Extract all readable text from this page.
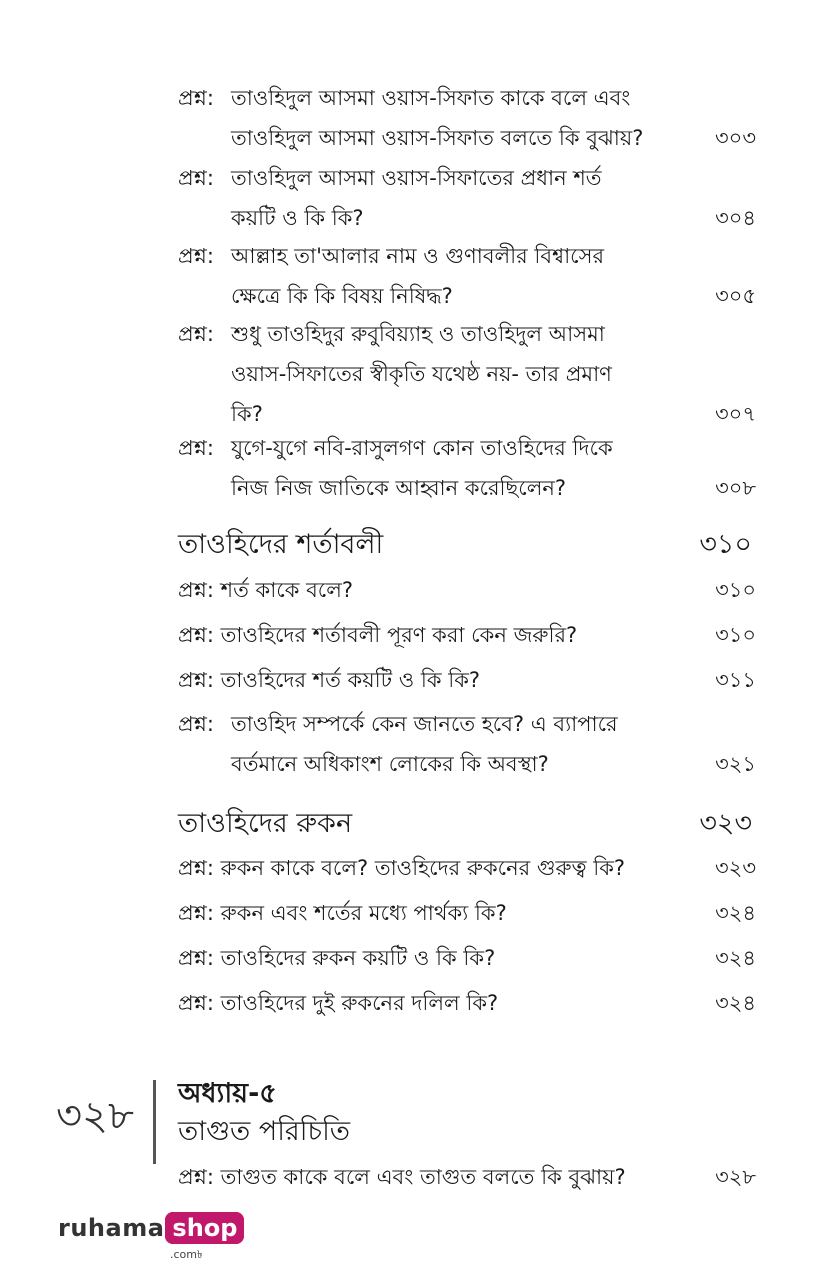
প্রশ্ন: তাওহিদুল আসমা ওয়াস-সিফাত কাকে বলে এবং
তাওহিদুল আসমা ওয়াস-সিফাত বলতে কি বুঝায়?	৩০৩
প্রশ্ন: তাওহিদুল আসমা ওয়াস-সিফাতের প্রধান শর্ত
কয়টি ও কি কি?	৩০৪
প্রশ্ন: আল্লাহ তা'আলার নাম ও গুণাবলীর বিশ্বাসের
ক্ষেত্রে কি কি বিষয় নিষিদ্ধ?	৩০৫
প্রশ্ন: শুধু তাওহিদুর রুবুবিয়্যাহ ও তাওহিদুল আসমা
ওয়াস-সিফাতের স্বীকৃতি যথেষ্ঠ নয়- তার প্রমাণ
কি?	৩০৭
প্রশ্ন: যুগে-যুগে নবি-রাসুলগণ কোন তাওহিদের দিকে
নিজ নিজ জাতিকে আহ্বান করেছিলেন?	৩০৮
তাওহিদের শর্তাবলী	৩১০
প্রশ্ন: শর্ত কাকে বলে?	৩১০
প্রশ্ন: তাওহিদের শর্তাবলী পূরণ করা কেন জরুরি?	৩১০
প্রশ্ন: তাওহিদের শর্ত কয়টি ও কি কি?	৩১১
প্রশ্ন: তাওহিদ সম্পর্কে কেন জানতে হবে? এ ব্যাপারে
বর্তমানে অধিকাংশ লোকের কি অবস্থা?	৩২১
তাওহিদের রুকন	৩২৩
প্রশ্ন: রুকন কাকে বলে? তাওহিদের রুকনের গুরুত্ব কি?	৩২৩
প্রশ্ন: রুকন এবং শর্তের মধ্যে পার্থক্য কি?	৩২৪
প্রশ্ন: তাওহিদের রুকন কয়টি ও কি কি?	৩২৪
প্রশ্ন: তাওহিদের দুই রুকনের দলিল কি?	৩২৪
৩২৮ অধ্যায়-৫
তাগুত পরিচিতি
প্রশ্ন: তাগুত কাকে বলে এবং তাগুত বলতে কি বুঝায়?	৩২৮
ruhama shop
.com৳
